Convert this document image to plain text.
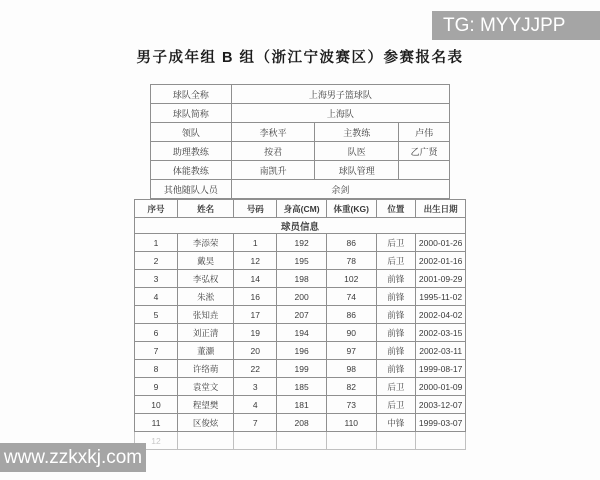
TG: MYYJJPP
男子成年组 B 组（浙江宁波赛区）参赛报名表
球队全称	上海男子篮球队		
球队简称	上海队		
领队	李秋平	主教练	卢伟
助理教练	按君	队医	乙广贤
体能教练	南凯升	球队管理	
其他随队人员	余剑		
球员信息						
序号	姓名	号码	身高(CM)	体重(KG)	位置	出生日期
1	李添荣	1	192	86	后卫	2000-01-26
2	戴昊	12	195	78	后卫	2002-01-16
3	李弘权	14	198	102	前锋	2001-09-29
4	朱淞	16	200	74	前锋	1995-11-02
5	张知垚	17	207	86	前锋	2002-04-02
6	刘正清	19	194	90	前锋	2002-03-15
7	董灏	20	196	97	前锋	2002-03-11
8	许络萌	22	199	98	前锋	1999-08-17
9	袁堂文	3	185	82	后卫	2000-01-09
10	程望樊	4	181	73	后卫	2003-12-07
11	区俊炫	7	208	110	中锋	1999-03-07
12						
www.zzkxkj.com
